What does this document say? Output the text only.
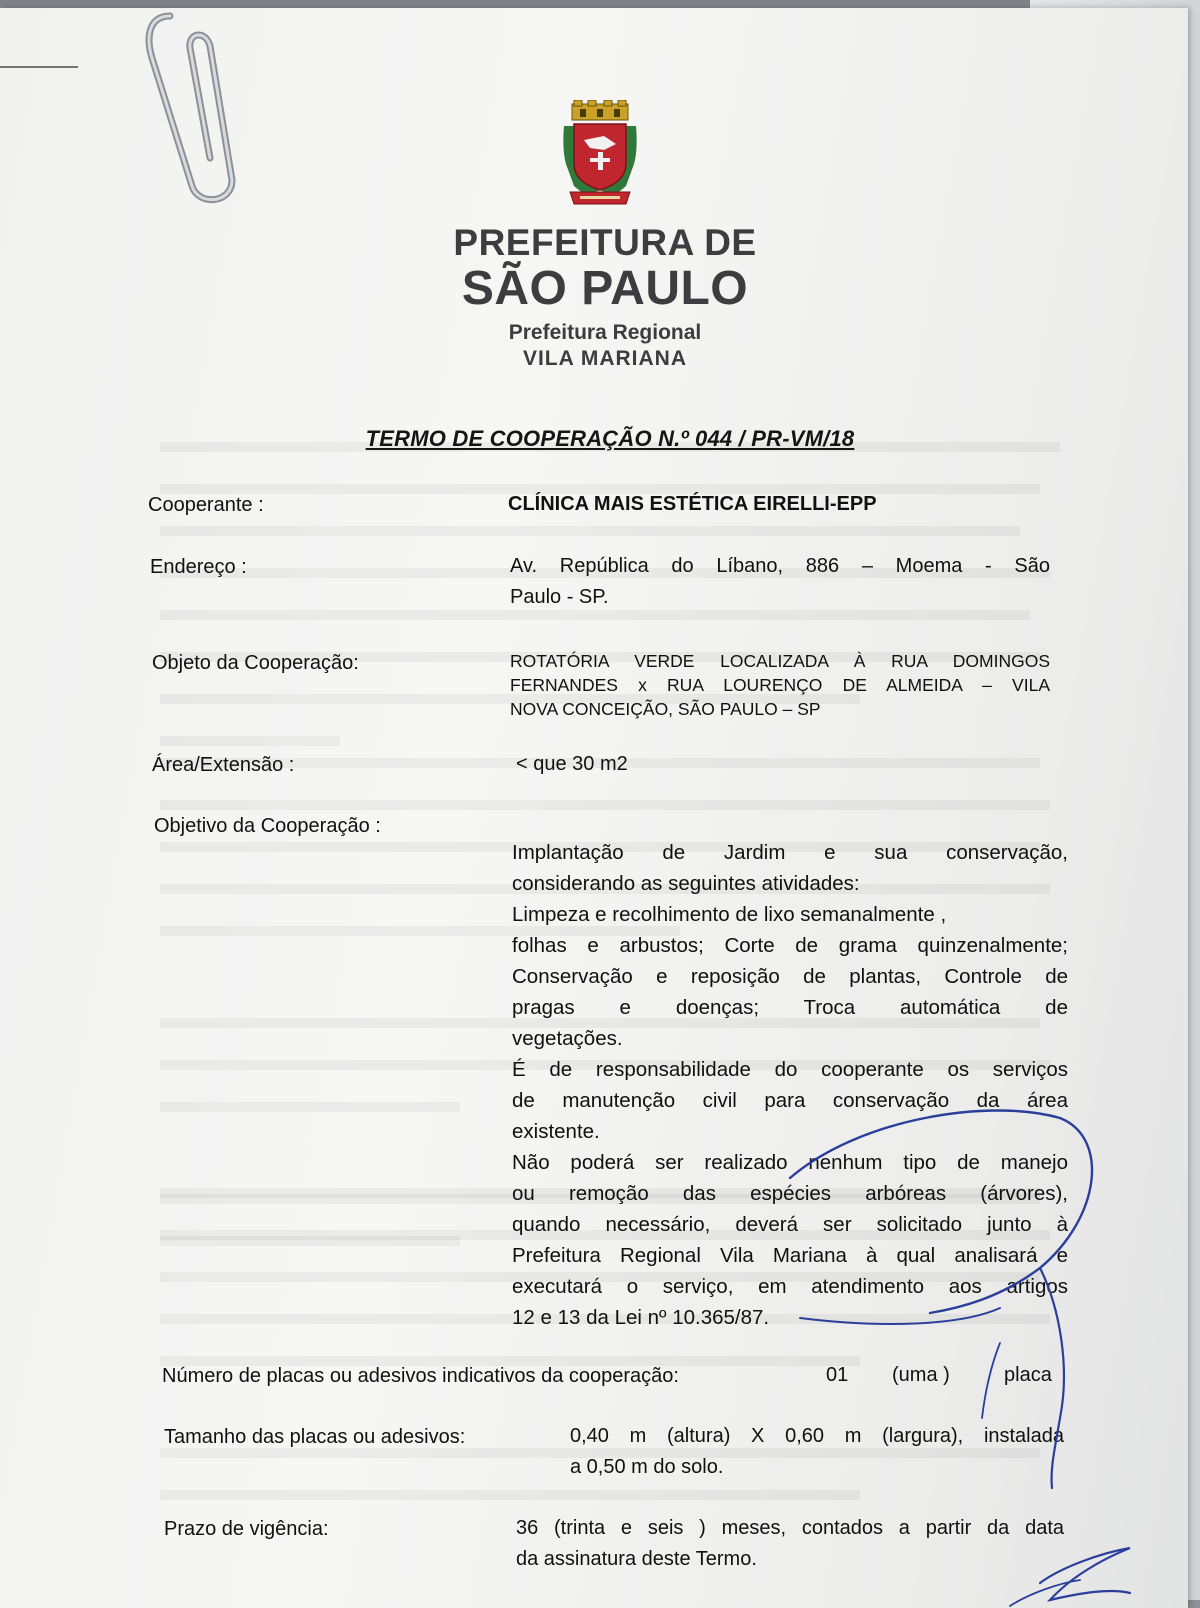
PREFEITURA DE
SÃO PAULO
Prefeitura Regional
VILA MARIANA
TERMO DE COOPERAÇÃO N.º 044 / PR-VM/18
Cooperante :	CLÍNICA MAIS ESTÉTICA EIRELLI-EPP
Endereço :	Av. República do Líbano, 886 – Moema - São
Paulo - SP.
Objeto da Cooperação:	ROTATÓRIA VERDE LOCALIZADA À RUA DOMINGOS
FERNANDES x RUA LOURENÇO DE ALMEIDA – VILA
NOVA CONCEIÇÃO, SÃO PAULO – SP
Área/Extensão :	< que 30 m2
Objetivo da Cooperação :
Implantação de Jardim e sua conservação,
considerando as seguintes atividades:
Limpeza e recolhimento de lixo semanalmente ,
folhas e arbustos; Corte de grama quinzenalmente;
Conservação e reposição de plantas, Controle de
pragas e doenças; Troca automática de
vegetações.
É de responsabilidade do cooperante os serviços
de manutenção civil para conservação da área
existente.
Não poderá ser realizado nenhum tipo de manejo
ou remoção das espécies arbóreas (árvores),
quando necessário, deverá ser solicitado junto à
Prefeitura Regional Vila Mariana à qual analisará e
executará o serviço, em atendimento aos artigos
12 e 13 da Lei nº 10.365/87.
Número de placas ou adesivos indicativos da cooperação:	01 (uma )	placa
Tamanho das placas ou adesivos:	0,40 m (altura) X 0,60 m (largura), instalada
a 0,50 m do solo.
Prazo de vigência:	36 (trinta e seis ) meses, contados a partir da data
da assinatura deste Termo.
